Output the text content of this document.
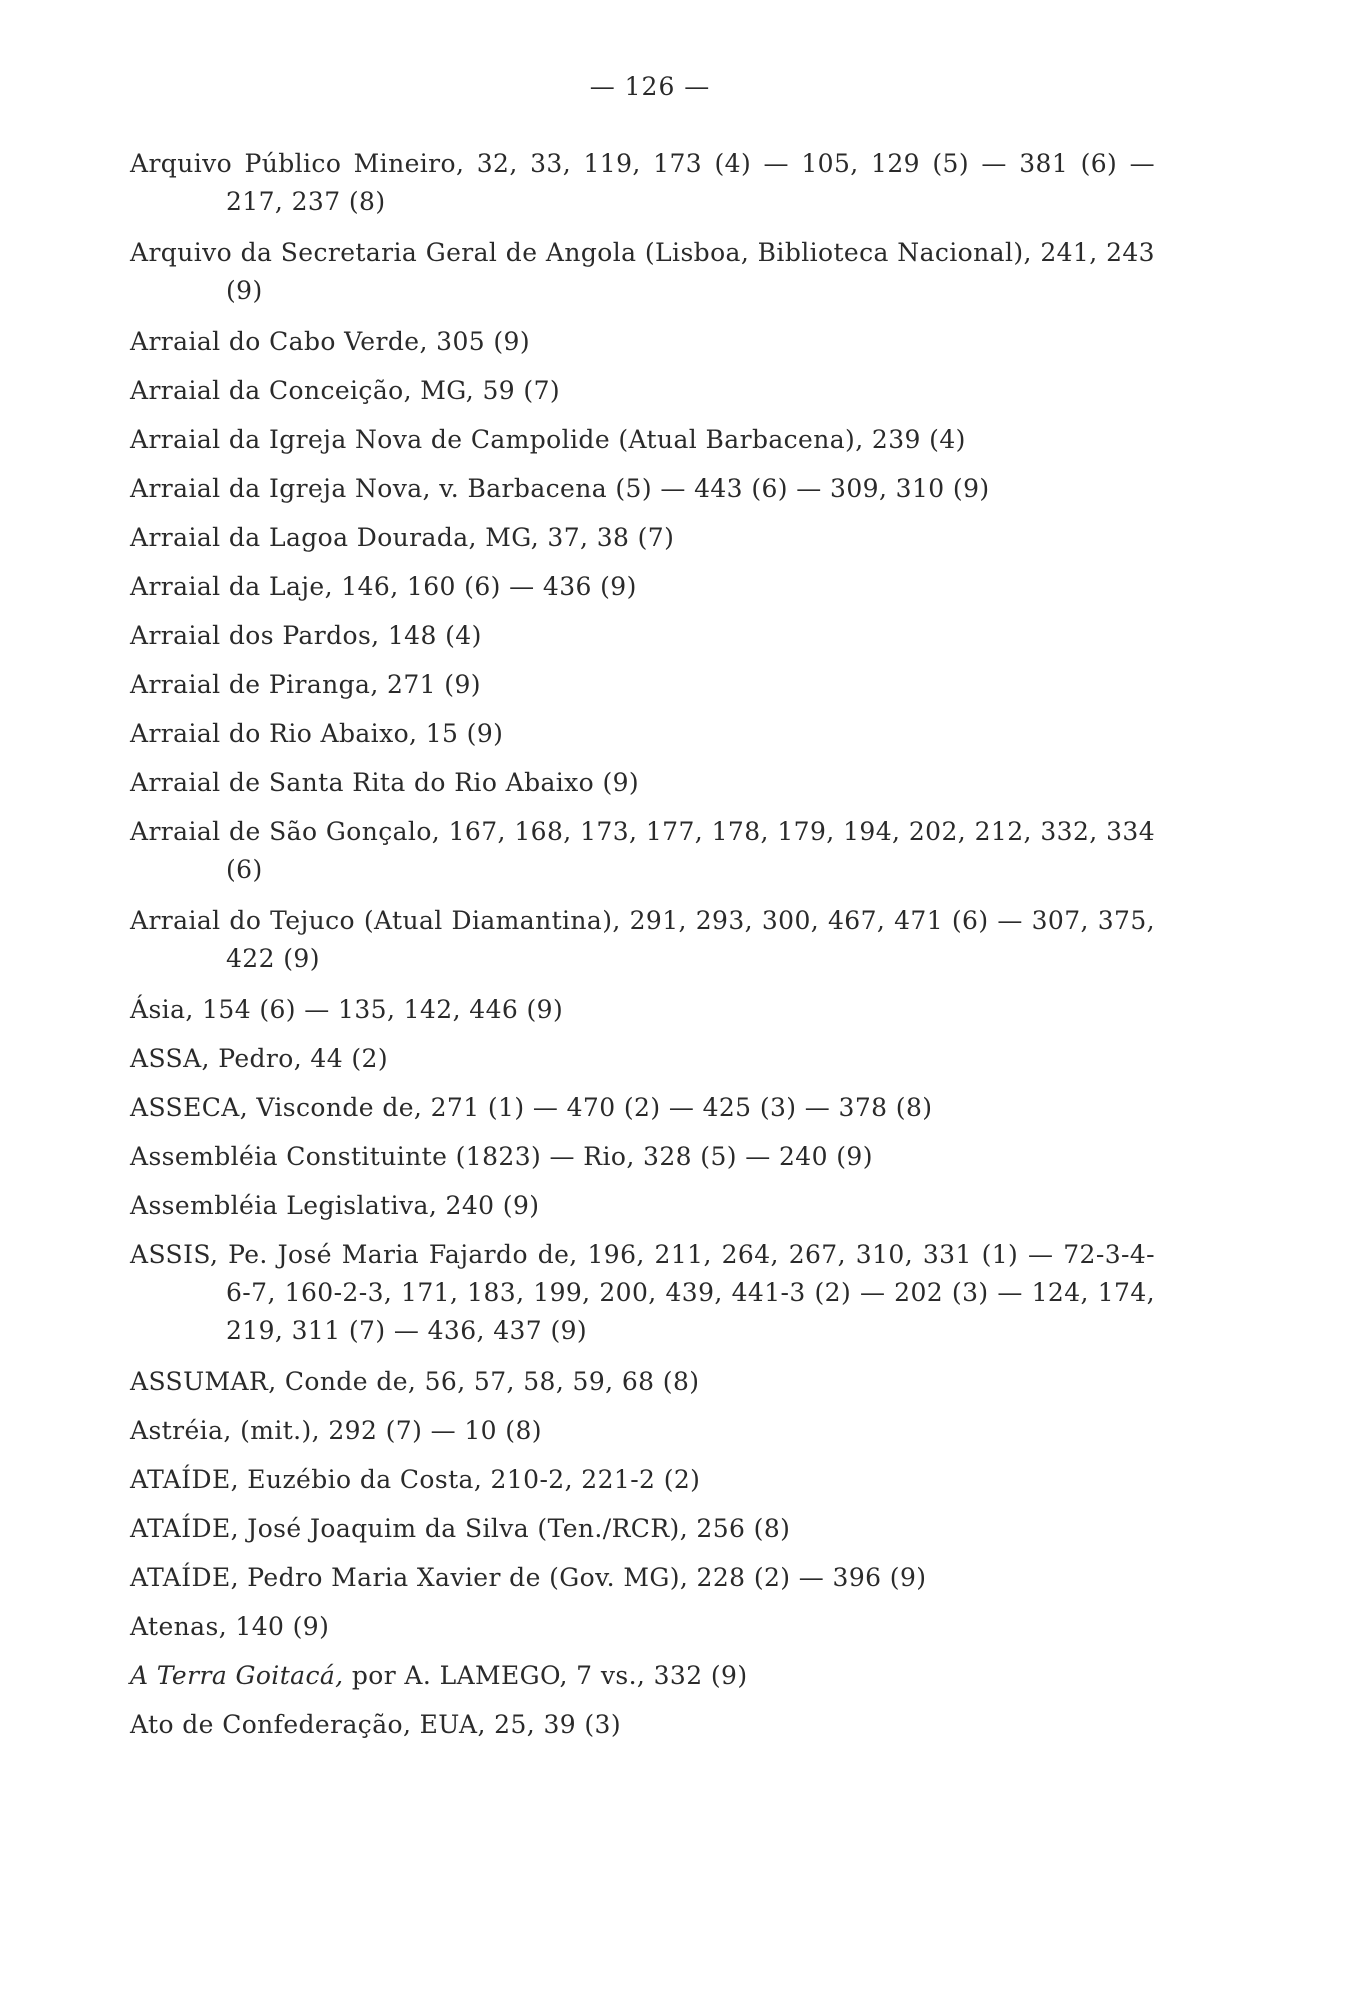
— 126 —

Arquivo Público Mineiro, 32, 33, 119, 173 (4) — 105, 129 (5) — 381 (6) — 217, 237 (8)

Arquivo da Secretaria Geral de Angola (Lisboa, Biblioteca Nacional), 241, 243 (9)

Arraial do Cabo Verde, 305 (9)

Arraial da Conceição, MG, 59 (7)

Arraial da Igreja Nova de Campolide (Atual Barbacena), 239 (4)

Arraial da Igreja Nova, v. Barbacena (5) — 443 (6) — 309, 310 (9)

Arraial da Lagoa Dourada, MG, 37, 38 (7)

Arraial da Laje, 146, 160 (6) — 436 (9)

Arraial dos Pardos, 148 (4)

Arraial de Piranga, 271 (9)

Arraial do Rio Abaixo, 15 (9)

Arraial de Santa Rita do Rio Abaixo (9)

Arraial de São Gonçalo, 167, 168, 173, 177, 178, 179, 194, 202, 212, 332, 334 (6)

Arraial do Tejuco (Atual Diamantina), 291, 293, 300, 467, 471 (6) — 307, 375, 422 (9)

Ásia, 154 (6) — 135, 142, 446 (9)

ASSA, Pedro, 44 (2)

ASSECA, Visconde de, 271 (1) — 470 (2) — 425 (3) — 378 (8)

Assembléia Constituinte (1823) — Rio, 328 (5) — 240 (9)

Assembléia Legislativa, 240 (9)

ASSIS, Pe. José Maria Fajardo de, 196, 211, 264, 267, 310, 331 (1) — 72-3-4-6-7, 160-2-3, 171, 183, 199, 200, 439, 441-3 (2) — 202 (3) — 124, 174, 219, 311 (7) — 436, 437 (9)

ASSUMAR, Conde de, 56, 57, 58, 59, 68 (8)

Astréia, (mit.), 292 (7) — 10 (8)

ATAÍDE, Euzébio da Costa, 210-2, 221-2 (2)

ATAÍDE, José Joaquim da Silva (Ten./RCR), 256 (8)

ATAÍDE, Pedro Maria Xavier de (Gov. MG), 228 (2) — 396 (9)

Atenas, 140 (9)

A Terra Goitacá, por A. LAMEGO, 7 vs., 332 (9)

Ato de Confederação, EUA, 25, 39 (3)
